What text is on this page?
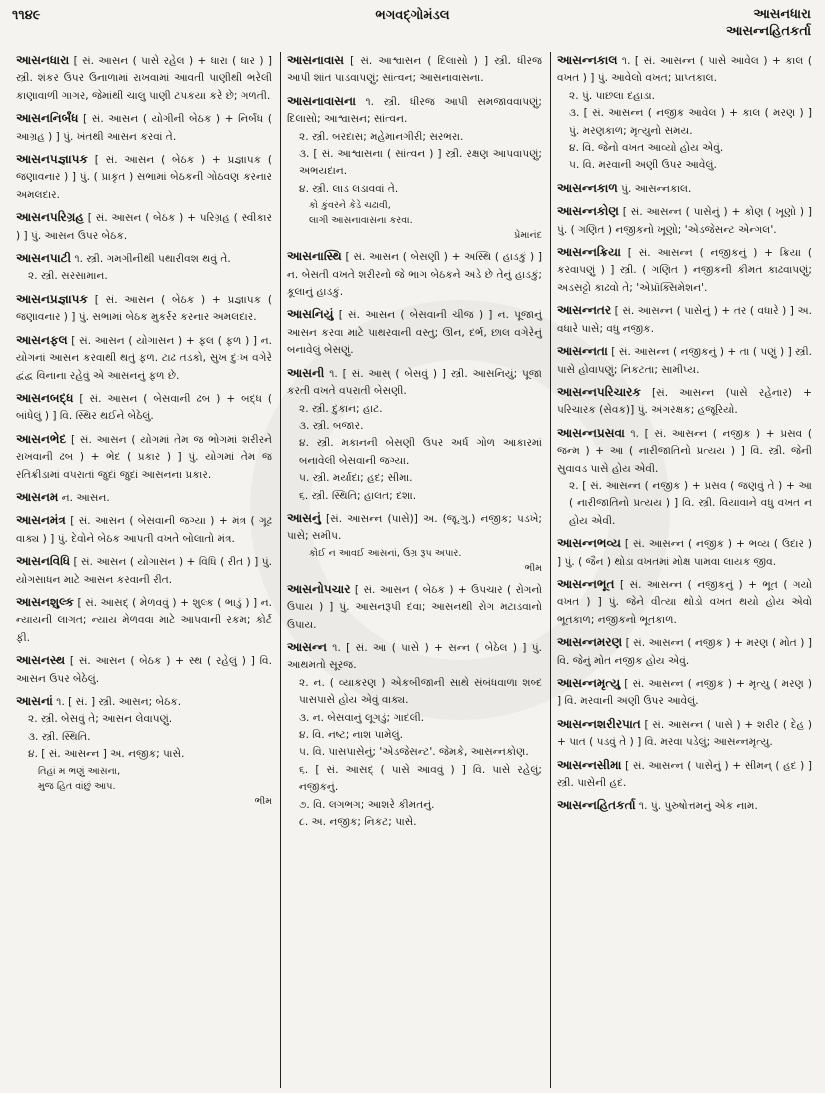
૧૧૪૯	ભગવદ્ગોમંડલ	આસનધારા
આસન્નહિતકર્તા
આસનધારા [ સં. આસન ( પાસે રહેલ ) + ધારા ( ધાર ) ] સ્ત્રી. શંકર ઉપર ઉનાળામાં રાખવામાં આવતી પાણીથી ભરેલી કાણાવાળી ગાગર, જેમાંથી ચાલુ પાણી ટપકયા કરે છે; ગળતી.
આસનનિર્બંધ [ સં. આસન ( યોગીની બેઠક ) + નિર્બંધ ( આગ્રહ ) ] પું. ખંતથી આસન કરવાં તે.
આસનપજ્ઞાપક [ સં. આસન ( બેઠક ) + પ્રજ્ઞાપક ( જણાવનાર ) ] પું. ( પ્રાકૃત ) સભામાં બેઠકની ગોઠવણ કરનાર અમલદાર.
આસનપરિગ્રહ [ સં. આસન ( બેઠક ) + પરિગ્રહ ( સ્વીકાર ) ] પું. આસન ઉપર બેઠક.
આસનપાટી ૧. સ્ત્રી. ગમગીનીથી પથારીવશ થવું તે.
૨. સ્ત્રી. સરસામાન.
આસનપ્રજ્ઞાપક [ સં. આસન ( બેઠક ) + પ્રજ્ઞાપક ( જણાવનાર ) ] પું. સભામાં બેઠક મુકર્રર કરનાર અમલદાર.
આસનફલ [ સં. આસન ( યોગાસન ) + ફલ ( ફળ ) ] ન. યોગનાં આસન કરવાથી થતું ફળ. ટાઢ તડકો, સુખ દુઃખ વગેરે દ્વંદ્વ વિનાના રહેવું એ આસનનું ફળ છે.
આસનબદ્ધ [ સં. આસન ( બેસવાની ઢબ ) + બદ્ધ ( બાંધેલું ) ] વિ. સ્થિર થઈને બેઠેલું.
આસનભેદ [ સં. આસન ( યોગમાં તેમ જ ભોગમાં શરીરને રાખવાની ઢબ ) + ભેદ ( પ્રકાર ) ] પું. યોગમાં તેમ જ રતિક્રીડામાં વપરાતાં જુદાં જુદાં આસનના પ્રકાર.
આસનમ ન. આસન.
આસનમંત્ર [ સં. આસન ( બેસવાની જગ્યા ) + મંત્ર ( ગૂઢ વાક્ય ) ] પું. દેવોને બેઠક આપતી વખતે બોલાતો મંત્ર.
આસનવિધિ [ સં. આસન ( યોગાસન ) + વિધિ ( રીત ) ] પું. યોગસાધન માટે આસન કરવાની રીત.
આસનશુલ્ક [ સં. આસદ્ ( મેળવવું ) + શુલ્ક ( ભાડું ) ] ન. ન્યાયની લાગત; ન્યાય મેળવવા માટે આપવાની રકમ; કોર્ટ ફી.
આસનસ્થ [ સં. આસન ( બેઠક ) + સ્થ ( રહેલું ) ] વિ. આસન ઉપર બેઠેલું.
આસનાં ૧. [ સં. ] સ્ત્રી. આસન; બેઠક.
૨. સ્ત્રી. બેસવું તે; આસન લેવાપણું.
૩. સ્ત્રી. સ્થિતિ.
૪. [ સં. આસન્ન ] અ. નજીક; પાસે.
તિહાં મ ભણું આસના,
મુજ હિત વાંછું આપ.
ભીમ
આસનાવાસ [ સં. આશ્વાસન ( દિલાસો ) ] સ્ત્રી. ધીરજ આપી શાંત પાડવાપણું; સાંત્વન; આસનાવાસના.
આસનાવાસના ૧. સ્ત્રી. ધીરજ આપી સમજાવવાપણું; દિલાસો; આશ્વાસન; સાંત્વન.
૨. સ્ત્રી. બરદાસ; મહેમાનગીરી; સરભરા.
૩. [ સં. આશ્વાસના ( સાંત્વન ) ] સ્ત્રી. રક્ષણ આપવાપણું; અભયદાન.
૪. સ્ત્રી. લાડ લડાવવાં તે.
કો કુંવરને કેડે ચઢાવી,
લાગી આસનાવાસના કરવા.
પ્રેમાનંદ
આસનાસ્થિ [ સં. આસન ( બેસણી ) + અસ્થિ ( હાડકું ) ] ન. બેસતી વખતે શરીરનો જે ભાગ બેઠકને અડે છે તેનું હાડકું; કૂલાનું હાડકું.
આસનિયું [ સં. આસન ( બેસવાની ચીજ ) ] ન. પૂજાનું આસન કરવા માટે પાથરવાની વસ્તુ; ઊન, દર્ભ, છાલ વગેરેનું બનાવેલું બેસણું.
આસની ૧. [ સં. આસ્ ( બેસવું ) ] સ્ત્રી. આસનિયું; પૂજા કરતી વખતે વપરાતી બેસણી.
૨. સ્ત્રી. દુકાન; હાટ.
૩. સ્ત્રી. બજાર.
૪. સ્ત્રી. મકાનની બેસણી ઉપર અર્ધ ગોળ આકારમાં બનાવેલી બેસવાની જગ્યા.
૫. સ્ત્રી. મર્યાદા; હદ; સીમા.
૬. સ્ત્રી. સ્થિતિ; હાલત; દશા.
આસનું [સં. આસન્ન (પાસે)] અ. (જૂ.ગુ.) નજીક; પડખે; પાસે; સમીપ.
કોઈ ન આવઈ આસનાં, ઉગ્ર રૂપ અપાર.
ભીમ
આસનોપચાર [ સં. આસન ( બેઠક ) + ઉપચાર ( રોગનો ઉપાય ) ] પું. આસનરૂપી દવા; આસનથી રોગ મટાડવાનો ઉપાય.
આસન્ન ૧. [ સં. આ ( પાસે ) + સન્ન ( બેઠેલ ) ] પું. આથમતો સૂરજ.
૨. ન. ( વ્યાકરણ ) એકબીજાની સાથે સંબંધવાળા શબ્દ પાસપાસે હોય એવું વાક્ય.
૩. ન. બેસવાનું લૂગડું; ગાદલી.
૪. વિ. નષ્ટ; નાશ પામેલું.
૫. વિ. પાસપાસેનું; 'એડજેસન્ટ'. જેમકે, આસન્નકોણ.
૬. [ સં. આસદ્ ( પાસે આવવું ) ] વિ. પાસે રહેલું; નજીકનું.
૭. વિ. લગભગ; આશરે કીમતનું.
૮. અ. નજીક; નિકટ; પાસે.
આસન્નકાલ ૧. [ સં. આસન્ન ( પાસે આવેલ ) + કાલ ( વખત ) ] પું. આવેલો વખત; પ્રાપ્તકાલ.
૨. પું. પાછલા દહાડા.
૩. [ સં. આસન્ન ( નજીક આવેલ ) + કાલ ( મરણ ) ] પું. મરણકાળ; મૃત્યુનો સમય.
૪. વિ. જેનો વખત આવ્યો હોય એવું.
૫. વિ. મરવાની અણી ઉપર આવેલું.
આસન્નકાળ પું. આસન્નકાલ.
આસન્નકોણ [ સં. આસન્ન ( પાસેનું ) + કોણ ( ખૂણો ) ] પું. ( ગણિત ) નજીકનો ખૂણો; 'એડજેસન્ટ એન્ગલ'.
આસન્નક્રિયા [ સં. આસન્ન ( નજીકનું ) + ક્રિયા ( કરવાપણું ) ] સ્ત્રી. ( ગણિત ) નજીકની કીમત કાઢવાપણું; અડસટ્ટો કાઢવો તે; 'એપ્રૉક્સિમેશન'.
આસન્નતર [ સં. આસન્ન ( પાસેનું ) + તર ( વધારે ) ] અ. વધારે પાસે; વધુ નજીક.
આસન્નતા [ સં. આસન્ન ( નજીકનું ) + તા ( પણું ) ] સ્ત્રી. પાસે હોવાપણું; નિકટતા; સામીપ્ય.
આસન્નપરિચારક [સં. આસન્ન (પાસે રહેનાર) + પરિચારક (સેવક)] પું. અંગરક્ષક; હજૂરિયો.
આસન્નપ્રસવા ૧. [ સં. આસન્ન ( નજીક ) + પ્રસવ ( જન્મ ) + આ ( નારીજાતિનો પ્રત્યય ) ] વિ. સ્ત્રી. જેની સુવાવડ પાસે હોય એવી.
૨. [ સં. આસન્ન ( નજીક ) + પ્રસવ ( જણવું તે ) + આ ( નારીજાતિનો પ્રત્યય ) ] વિ. સ્ત્રી. વિયાવાને વધુ વખત ન હોય એવી.
આસન્નભવ્ય [ સં. આસન્ન ( નજીક ) + ભવ્ય ( ઉદાર ) ] પું. ( જૈન ) થોડા વખતમાં મોક્ષ પામવા લાયક જીવ.
આસન્નભૂત [ સં. આસન્ન ( નજીકનું ) + ભૂત ( ગયો વખત ) ] પું. જેને વીત્યા થોડો વખત થયો હોય એવો ભૂતકાળ; નજીકનો ભૂતકાળ.
આસન્નમરણ [ સં. આસન્ન ( નજીક ) + મરણ ( મોત ) ] વિ. જેનું મોત નજીક હોય એવું.
આસન્નમૃત્યુ [ સં. આસન્ન ( નજીક ) + મૃત્યુ ( મરણ ) ] વિ. મરવાની અણી ઉપર આવેલું.
આસન્નશરીરપાત [ સં. આસન્ન ( પાસે ) + શરીર ( દેહ ) + પાત ( પડવું તે ) ] વિ. મરવા પડેલું; આસન્નમૃત્યુ.
આસન્નસીમા [ સં. આસન્ન ( પાસેનું ) + સીમન્ ( હદ ) ] સ્ત્રી. પાસેની હદ.
આસન્નહિતકર્તા ૧. પું. પુરુષોત્તમનું એક નામ.
